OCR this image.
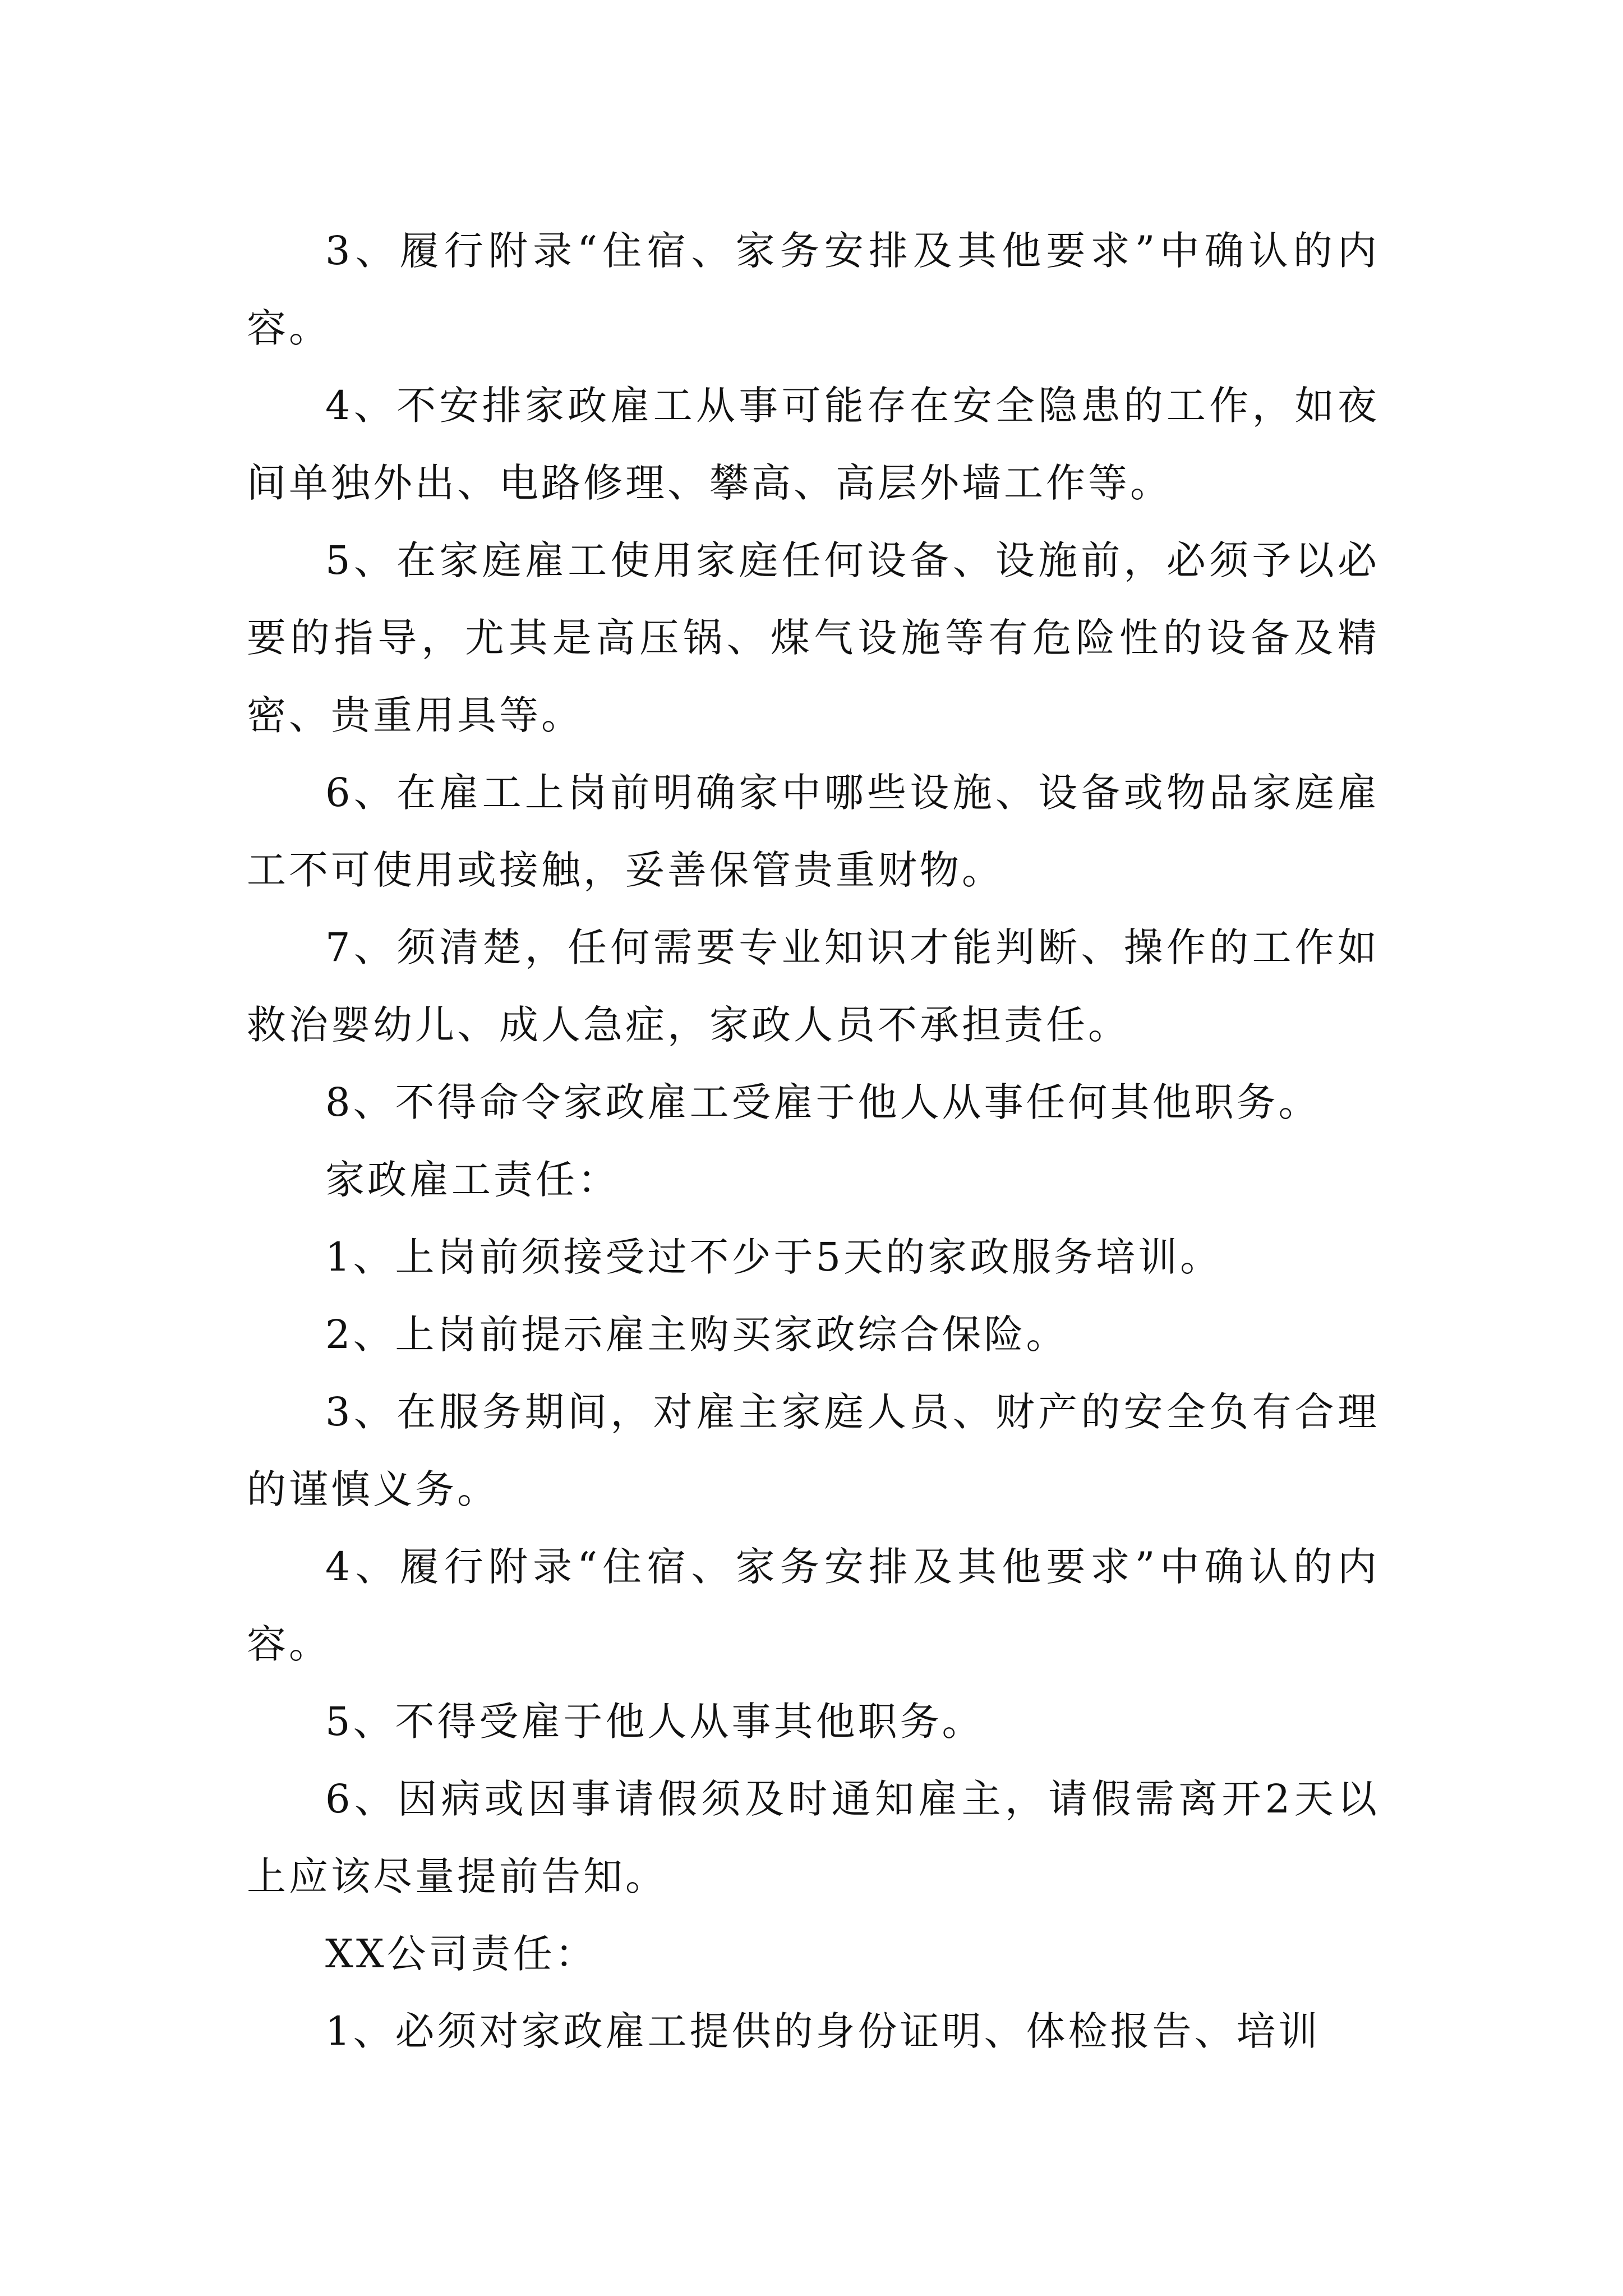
3、履行附录“住宿、家务安排及其他要求”中确认的内容。

4、不安排家政雇工从事可能存在安全隐患的工作，如夜间单独外出、电路修理、攀高、高层外墙工作等。

5、在家庭雇工使用家庭任何设备、设施前，必须予以必要的指导，尤其是高压锅、煤气设施等有危险性的设备及精密、贵重用具等。

6、在雇工上岗前明确家中哪些设施、设备或物品家庭雇工不可使用或接触，妥善保管贵重财物。

7、须清楚，任何需要专业知识才能判断、操作的工作如救治婴幼儿、成人急症，家政人员不承担责任。

8、不得命令家政雇工受雇于他人从事任何其他职务。

家政雇工责任：

1、上岗前须接受过不少于5天的家政服务培训。

2、上岗前提示雇主购买家政综合保险。

3、在服务期间，对雇主家庭人员、财产的安全负有合理的谨慎义务。

4、履行附录“住宿、家务安排及其他要求”中确认的内容。

5、不得受雇于他人从事其他职务。

6、因病或因事请假须及时通知雇主，请假需离开2天以上应该尽量提前告知。

XX公司责任：

1、必须对家政雇工提供的身份证明、体检报告、培训
